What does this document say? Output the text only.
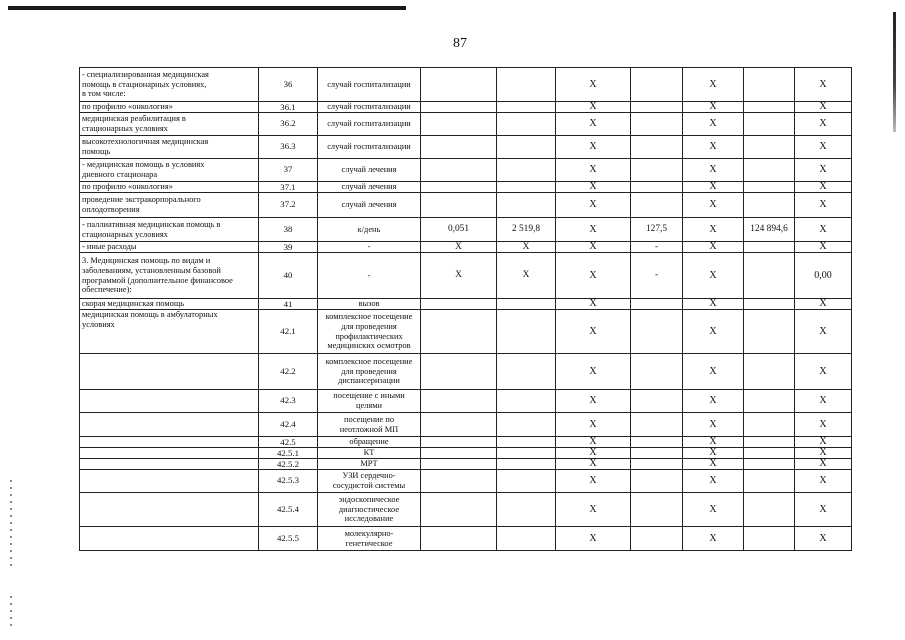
87
- специализированная медицинская
помощь в стационарных условиях,
в том числе:	36	случай госпитализации			X		X		X
по профилю «онкология»	36.1	случай госпитализации			X		X		X
медицинская реабилитация в
стационарных условиях	36.2	случай госпитализации			X		X		X
высокотехнологичная медицинская
помощь	36.3	случай госпитализации			X		X		X
- медицинская помощь в условиях
дневного стационара	37	случай лечения			X		X		X
по профилю «онкология»	37.1	случай лечения			X		X		X
проведение экстракорпорального
оплодотворения	37.2	случай лечения			X		X		X
- паллиативная медицинская помощь в
стационарных условиях	38	к/день	0,051	2 519,8	X	127,5	X	124 894,6	X
- иные расходы	39	-	X	X	X	-	X		X
3. Медицинская помощь по видам и
заболеваниям, установленным базовой
программой (дополнительное финансовое
обеспечение):	40	-	X	X	X	-	X		0,00
скорая медицинская помощь	41	вызов			X		X		X
медицинская помощь в амбулаторных
условиях	42.1	комплексное посещение
для проведения
профилактических
медицинских осмотров			X		X		X
	42.2	комплексное посещение
для проведения
диспансеризации			X		X		X
	42.3	посещение с иными
целями			X		X		X
	42.4	посещение по
неотложной МП			X		X		X
	42.5	обращение			X		X		X
	42.5.1	КТ			X		X		X
	42.5.2	МРТ			X		X		X
	42.5.3	УЗИ сердечно-
сосудистой системы			X		X		X
	42.5.4	эндоскопическое
диагностическое
исследование			X		X		X
	42.5.5	молекулярно-
генетическое			X		X		X
